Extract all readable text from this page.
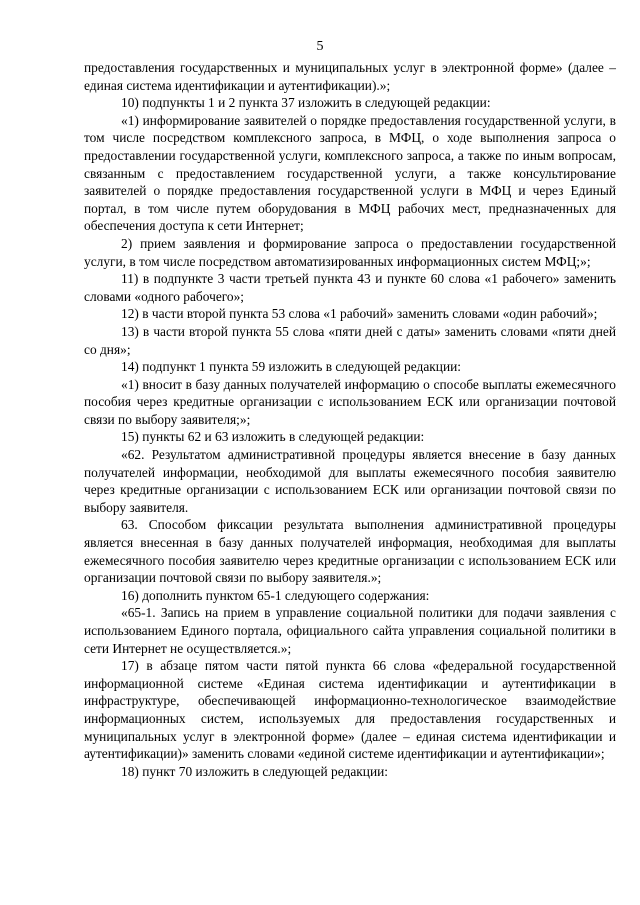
5

предоставления государственных и муниципальных услуг в электронной форме» (далее – единая система идентификации и аутентификации).»;

10) подпункты 1 и 2 пункта 37 изложить в следующей редакции:

«1) информирование заявителей о порядке предоставления государственной услуги, в том числе посредством комплексного запроса, в МФЦ, о ходе выполнения запроса о предоставлении государственной услуги, комплексного запроса, а также по иным вопросам, связанным с предоставлением государственной услуги, а также консультирование заявителей о порядке предоставления государственной услуги в МФЦ и через Единый портал, в том числе путем оборудования в МФЦ рабочих мест, предназначенных для обеспечения доступа к сети Интернет;

2) прием заявления и формирование запроса о предоставлении государственной услуги, в том числе посредством автоматизированных информационных систем МФЦ;»;

11) в подпункте 3 части третьей пункта 43 и пункте 60 слова «1 рабочего» заменить словами «одного рабочего»;

12) в части второй пункта 53 слова «1 рабочий» заменить словами «один рабочий»;

13) в части второй пункта 55 слова «пяти дней с даты» заменить словами «пяти дней со дня»;

14) подпункт 1 пункта 59 изложить в следующей редакции:

«1) вносит в базу данных получателей информацию о способе выплаты ежемесячного пособия через кредитные организации с использованием ЕСК или организации почтовой связи по выбору заявителя;»;

15) пункты 62 и 63 изложить в следующей редакции:

«62. Результатом административной процедуры является внесение в базу данных получателей информации, необходимой для выплаты ежемесячного пособия заявителю через кредитные организации с использованием ЕСК или организации почтовой связи по выбору заявителя.

63. Способом фиксации результата выполнения административной процедуры является внесенная в базу данных получателей информация, необходимая для выплаты ежемесячного пособия заявителю через кредитные организации с использованием ЕСК или организации почтовой связи по выбору заявителя.»;

16) дополнить пунктом 65-1 следующего содержания:

«65-1. Запись на прием в управление социальной политики для подачи заявления с использованием Единого портала, официального сайта управления социальной политики в сети Интернет не осуществляется.»;

17) в абзаце пятом части пятой пункта 66 слова «федеральной государственной информационной системе «Единая система идентификации и аутентификации в инфраструктуре, обеспечивающей информационно-технологическое взаимодействие информационных систем, используемых для предоставления государственных и муниципальных услуг в электронной форме» (далее – единая система идентификации и аутентификации)» заменить словами «единой системе идентификации и аутентификации»;

18) пункт 70 изложить в следующей редакции:
